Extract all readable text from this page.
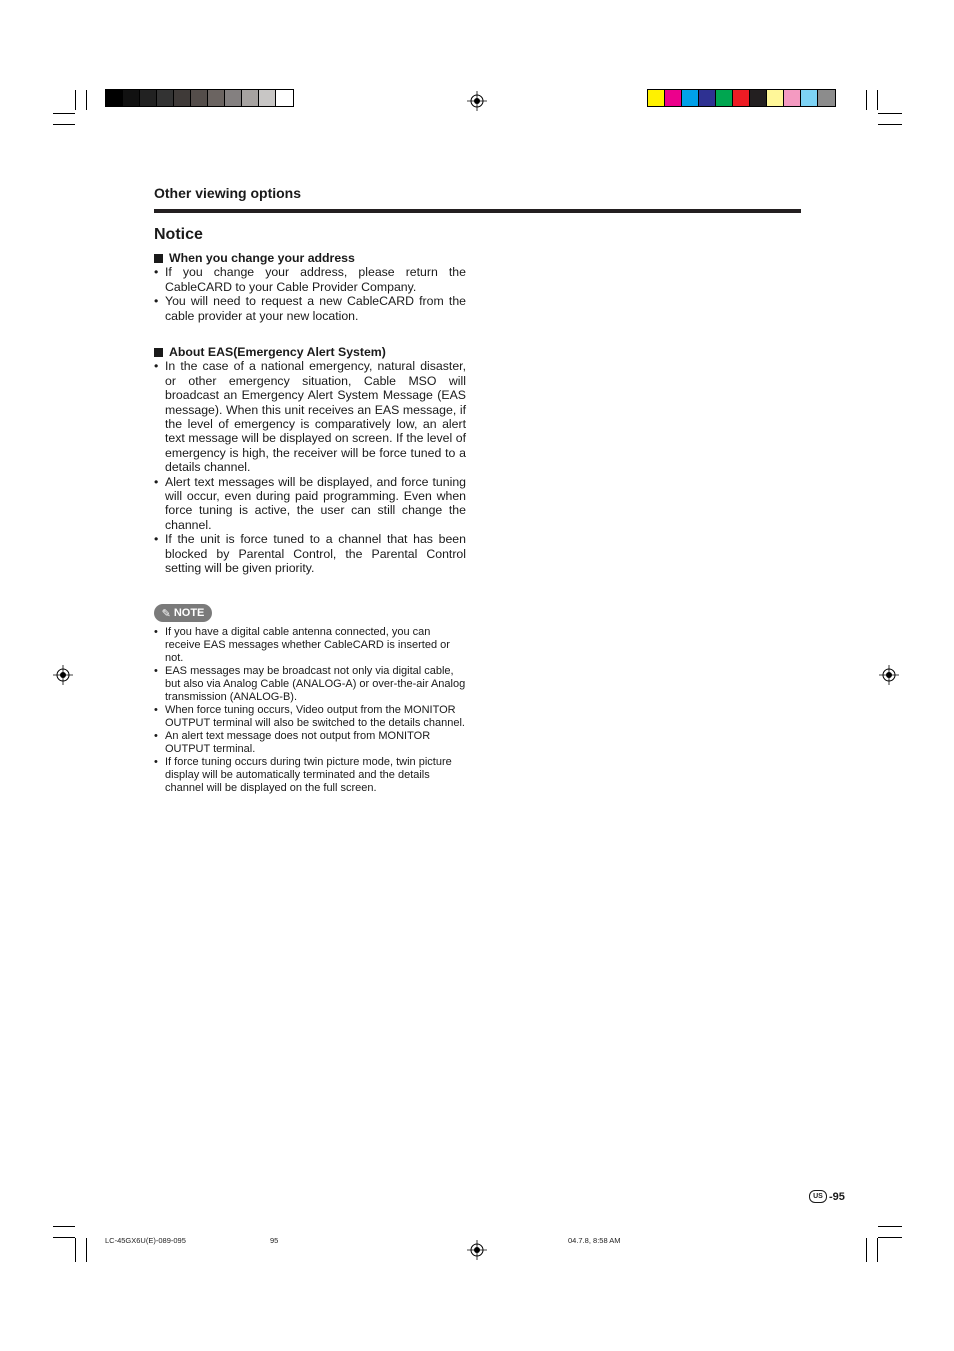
Other viewing options
Notice
When you change your address
• If you change your address, please return the CableCARD to your Cable Provider Company.
• You will need to request a new CableCARD from the cable provider at your new location.
About EAS(Emergency Alert System)
• In the case of a national emergency, natural disaster, or other emergency situation, Cable MSO will broadcast an Emergency Alert System Message (EAS message). When this unit receives an EAS message, if the level of emergency is comparatively low, an alert text message will be displayed on screen. If the level of emergency is high, the receiver will be force tuned to a details channel.
• Alert text messages will be displayed, and force tuning will occur, even during paid programming. Even when force tuning is active, the user can still change the channel.
• If the unit is force tuned to a channel that has been blocked by Parental Control, the Parental Control setting will be given priority.
✎ NOTE
• If you have a digital cable antenna connected, you can receive EAS messages whether CableCARD is inserted or not.
• EAS messages may be broadcast not only via digital cable, but also via Analog Cable (ANALOG-A) or over-the-air Analog transmission (ANALOG-B).
• When force tuning occurs, Video output from the MONITOR OUTPUT terminal will also be switched to the details channel.
• An alert text message does not output from MONITOR OUTPUT terminal.
• If force tuning occurs during twin picture mode, twin picture display will be automatically terminated and the details channel will be displayed on the full screen.
US -95
LC-45GX6U(E)-089-095	95	04.7.8, 8:58 AM
